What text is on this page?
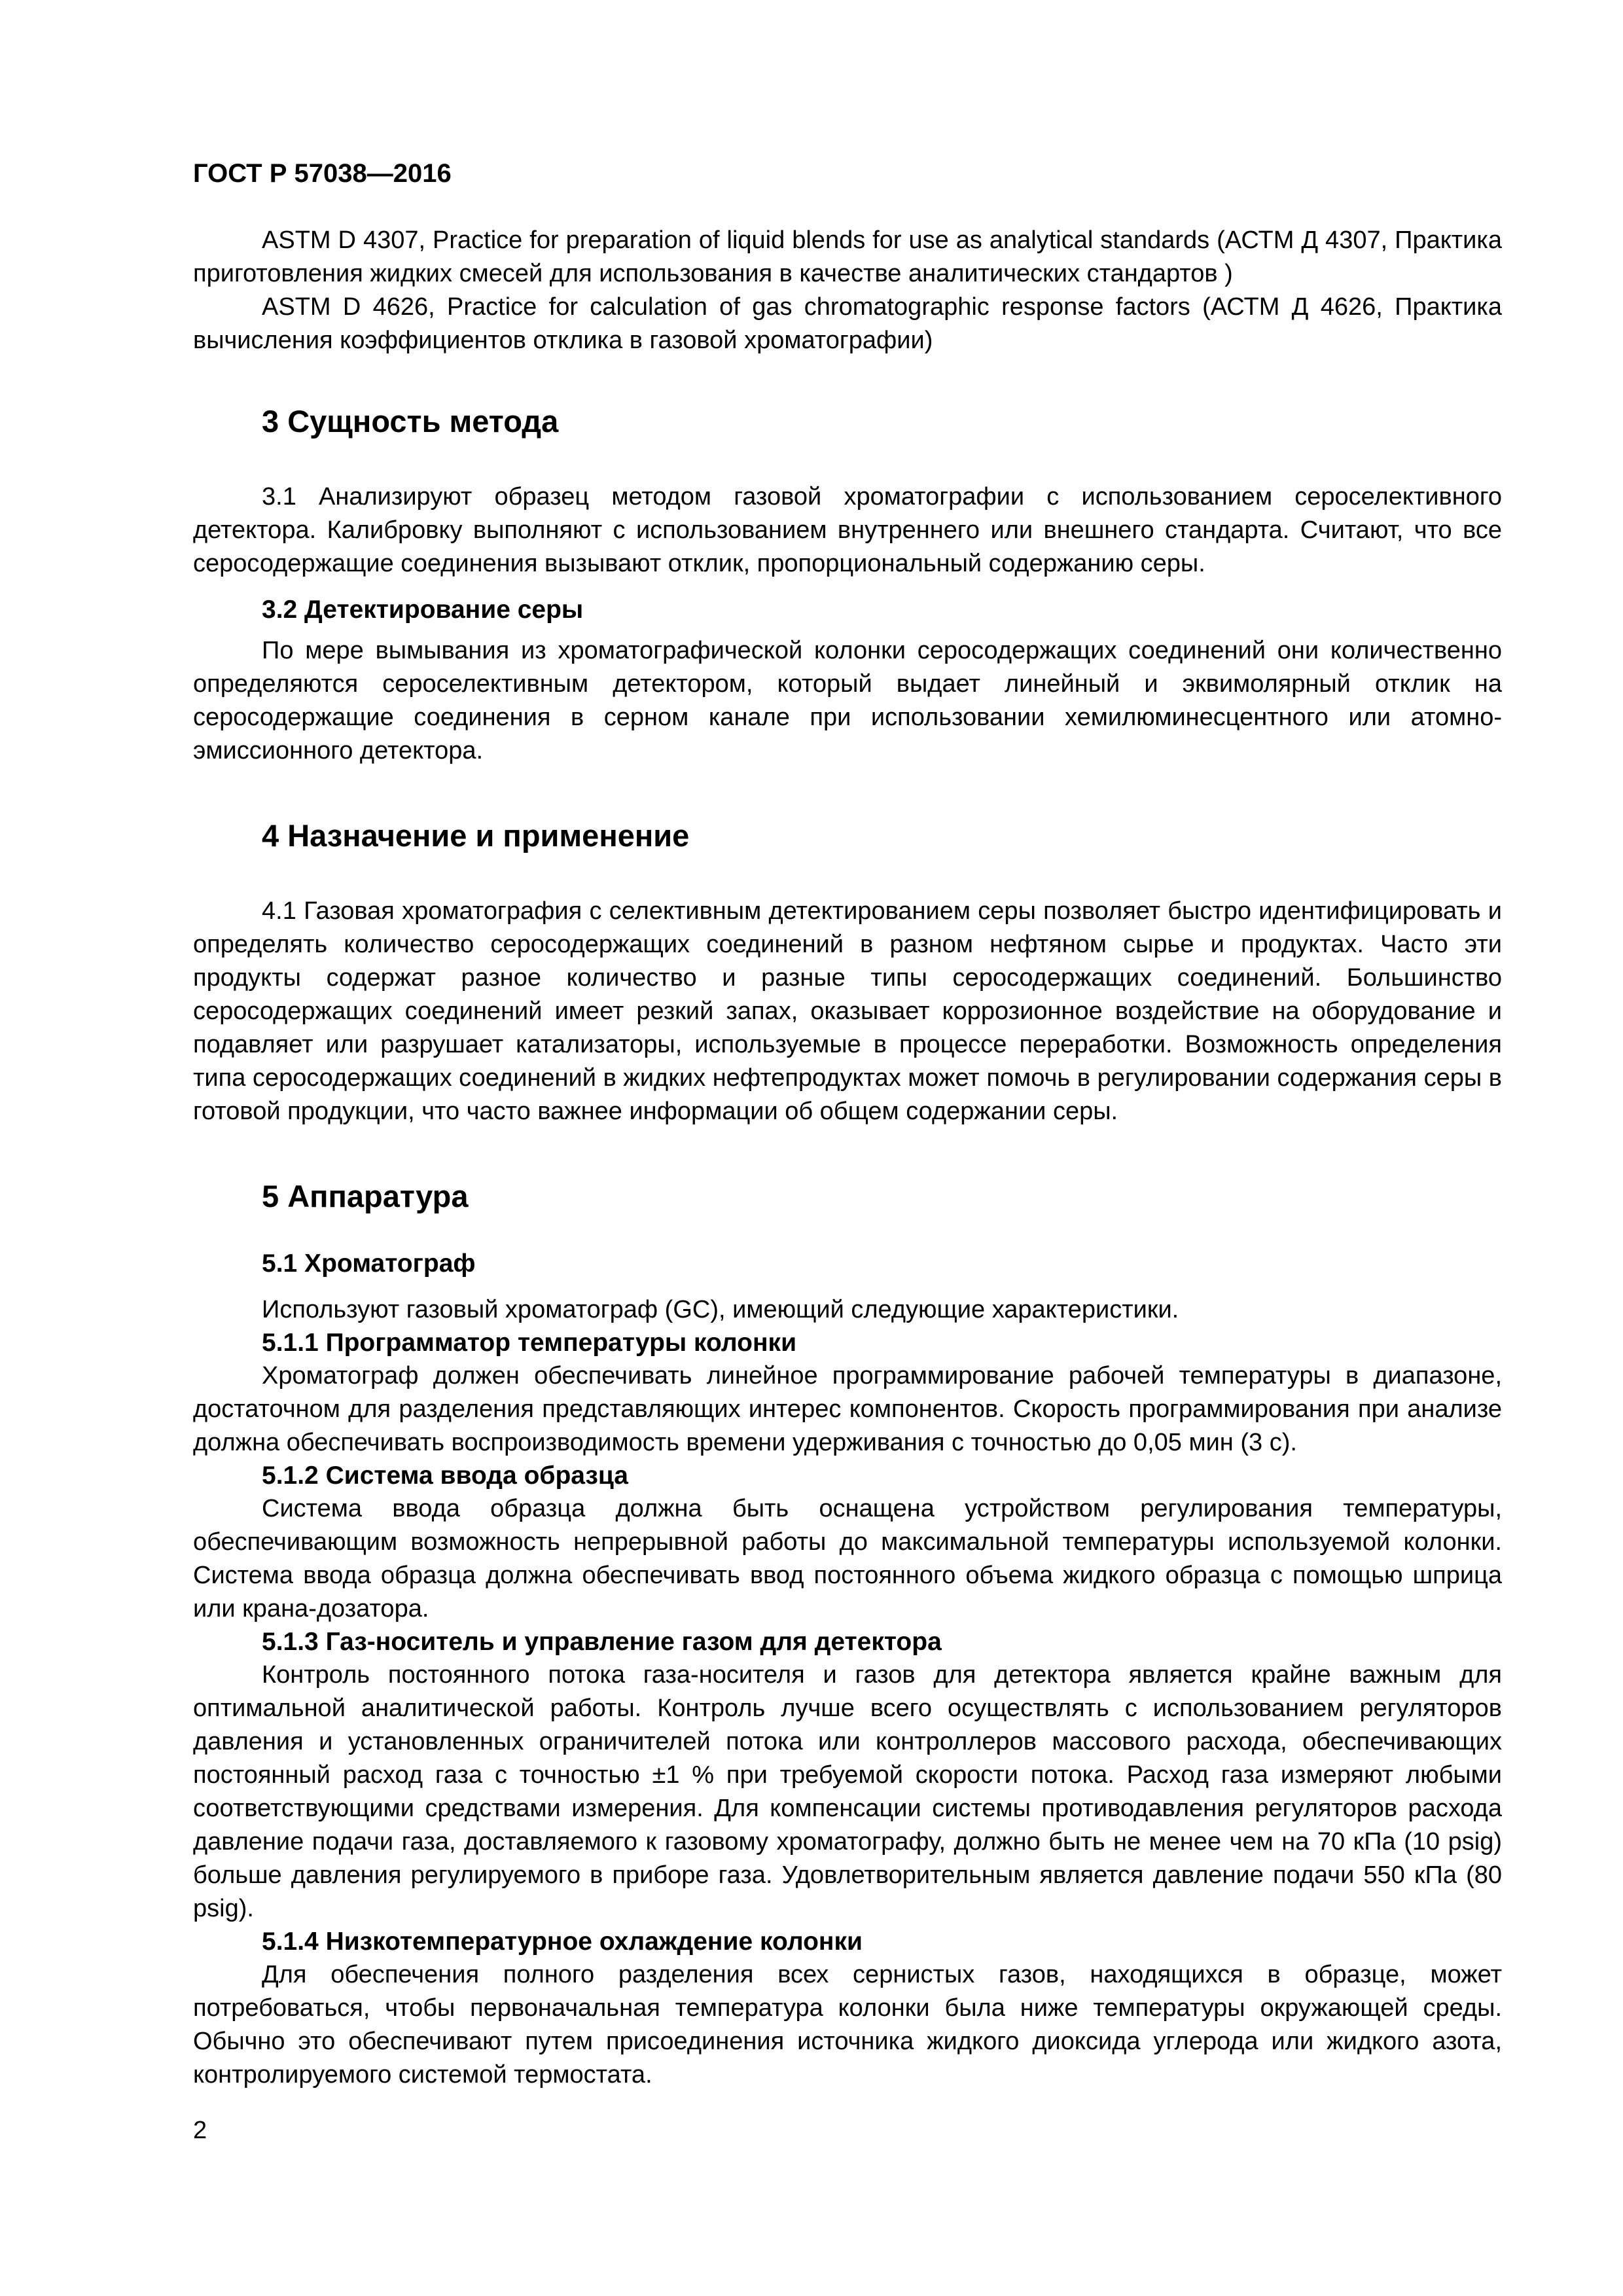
ГОСТ Р 57038—2016

ASTM D 4307, Practice for preparation of liquid blends for use as analytical standards (АСТМ Д 4307, Практика приготовления жидких смесей для использования в качестве аналитических стандартов )

ASTM D 4626, Practice for calculation of gas chromatographic response factors (АСТМ Д 4626, Практика вычисления коэффициентов отклика в газовой хроматографии)

3 Сущность метода

3.1 Анализируют образец методом газовой хроматографии с использованием сероселективного детектора. Калибровку выполняют с использованием внутреннего или внешнего стандарта. Считают, что все серосодержащие соединения вызывают отклик, пропорциональный содержанию серы.

3.2 Детектирование серы

По мере вымывания из хроматографической колонки серосодержащих соединений они количественно определяются сероселективным детектором, который выдает линейный и эквимолярный отклик на серосодержащие соединения в серном канале при использовании хемилюминесцентного или атомно-эмиссионного детектора.

4 Назначение и применение

4.1 Газовая хроматография с селективным детектированием серы позволяет быстро идентифицировать и определять количество серосодержащих соединений в разном нефтяном сырье и продуктах. Часто эти продукты содержат разное количество и разные типы серосодержащих соединений. Большинство серосодержащих соединений имеет резкий запах, оказывает коррозионное воздействие на оборудование и подавляет или разрушает катализаторы, используемые в процессе переработки. Возможность определения типа серосодержащих соединений в жидких нефтепродуктах может помочь в регулировании содержания серы в готовой продукции, что часто важнее информации об общем содержании серы.

5 Аппаратура
5.1 Хроматограф

Используют газовый хроматограф (GC), имеющий следующие характеристики.

5.1.1 Программатор температуры колонки

Хроматограф должен обеспечивать линейное программирование рабочей температуры в диапазоне, достаточном для разделения представляющих интерес компонентов. Скорость программирования при анализе должна обеспечивать воспроизводимость времени удерживания с точностью до 0,05 мин (3 с).

5.1.2 Система ввода образца

Система ввода образца должна быть оснащена устройством регулирования температуры, обеспечивающим возможность непрерывной работы до максимальной температуры используемой колонки. Система ввода образца должна обеспечивать ввод постоянного объема жидкого образца с помощью шприца или крана-дозатора.

5.1.3 Газ-носитель и управление газом для детектора

Контроль постоянного потока газа-носителя и газов для детектора является крайне важным для оптимальной аналитической работы. Контроль лучше всего осуществлять с использованием регуляторов давления и установленных ограничителей потока или контроллеров массового расхода, обеспечивающих постоянный расход газа с точностью ±1 % при требуемой скорости потока. Расход газа измеряют любыми соответствующими средствами измерения. Для компенсации системы противодавления регуляторов расхода давление подачи газа, доставляемого к газовому хроматографу, должно быть не менее чем на 70 кПа (10 psig) больше давления регулируемого в приборе газа. Удовлетворительным является давление подачи 550 кПа (80 psig).

5.1.4 Низкотемпературное охлаждение колонки

Для обеспечения полного разделения всех сернистых газов, находящихся в образце, может потребоваться, чтобы первоначальная температура колонки была ниже температуры окружающей среды. Обычно это обеспечивают путем присоединения источника жидкого диоксида углерода или жидкого азота, контролируемого системой термостата.

2
